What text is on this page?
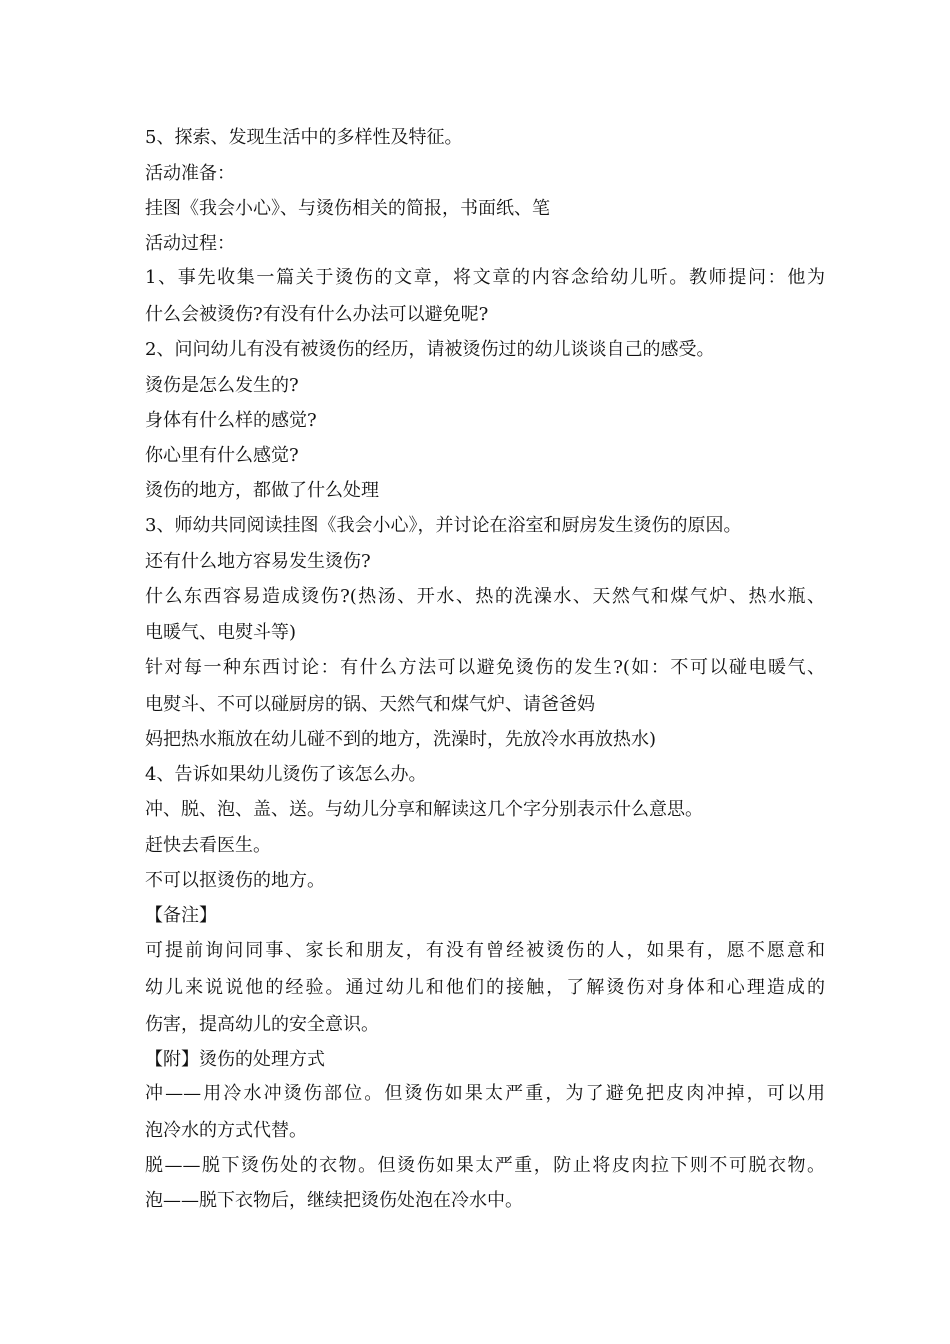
5、探索、发现生活中的多样性及特征。

活动准备：

挂图《我会小心》、与烫伤相关的简报，书面纸、笔

活动过程：

1、事先收集一篇关于烫伤的文章，将文章的内容念给幼儿听。教师提问：他为

什么会被烫伤?有没有什么办法可以避免呢?

2、问问幼儿有没有被烫伤的经历，请被烫伤过的幼儿谈谈自己的感受。

烫伤是怎么发生的?

身体有什么样的感觉?

你心里有什么感觉?

烫伤的地方，都做了什么处理

3、师幼共同阅读挂图《我会小心》，并讨论在浴室和厨房发生烫伤的原因。

还有什么地方容易发生烫伤?

什么东西容易造成烫伤?(热汤、开水、热的洗澡水、天然气和煤气炉、热水瓶、

电暖气、电熨斗等)

针对每一种东西讨论：有什么方法可以避免烫伤的发生?(如：不可以碰电暖气、

电熨斗、不可以碰厨房的锅、天然气和煤气炉、请爸爸妈

妈把热水瓶放在幼儿碰不到的地方，洗澡时，先放冷水再放热水)

4、告诉如果幼儿烫伤了该怎么办。

冲、脱、泡、盖、送。与幼儿分享和解读这几个字分别表示什么意思。

赶快去看医生。

不可以抠烫伤的地方。

【备注】

可提前询问同事、家长和朋友，有没有曾经被烫伤的人，如果有，愿不愿意和

幼儿来说说他的经验。通过幼儿和他们的接触，了解烫伤对身体和心理造成的

伤害，提高幼儿的安全意识。

【附】烫伤的处理方式

冲——用冷水冲烫伤部位。但烫伤如果太严重，为了避免把皮肉冲掉，可以用

泡冷水的方式代替。

脱——脱下烫伤处的衣物。但烫伤如果太严重，防止将皮肉拉下则不可脱衣物。

泡——脱下衣物后，继续把烫伤处泡在冷水中。
